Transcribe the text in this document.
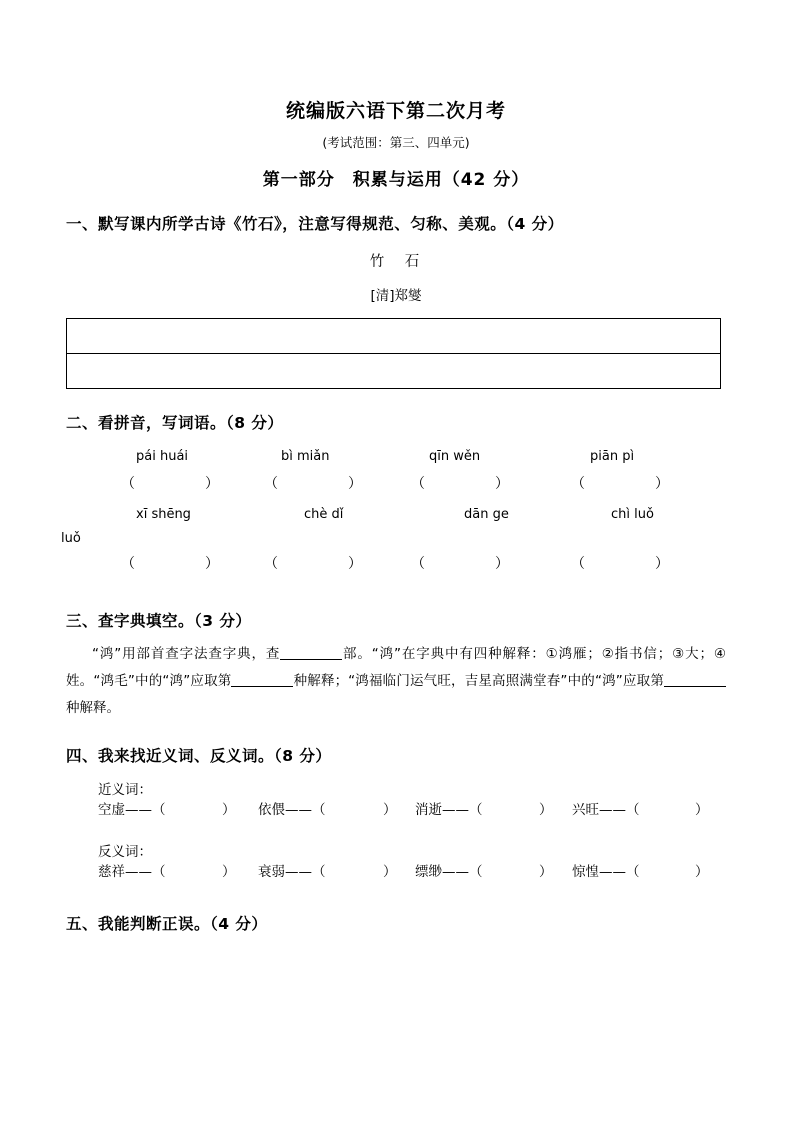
统编版六语下第二次月考
(考试范围：第三、四单元)
第一部分　积累与运用（42 分）
一、默写课内所学古诗《竹石》，注意写得规范、匀称、美观。（4 分）
竹　石
[清]郑燮
二、看拼音，写词语。（8 分）
pái huái	bì miǎn	qīn wěn	piān pì
（　　　　　）	（　　　　　）	（　　　　　）	（　　　　　）
xī shēng	chè dǐ	dān ge	chì luǒ
luǒ
（　　　　　）	（　　　　　）	（　　　　　）	（　　　　　）
三、查字典填空。（3 分）
“鸿”用部首查字法查字典，查	部。“鸿”在字典中有四种解释：①鸿雁；②指书信；③大；④姓。“鸿毛”中的“鸿”应取第	种解释；“鸿福临门运气旺，吉星高照满堂春”中的“鸿”应取第种解释。
四、我来找近义词、反义词。（8 分）
近义词：
空虚——（	） 依偎——（	） 消逝——（	） 兴旺——（	）
反义词：
慈祥——（	） 衰弱——（	） 缥缈——（	） 惊惶——（	）
五、我能判断正误。（4 分）
